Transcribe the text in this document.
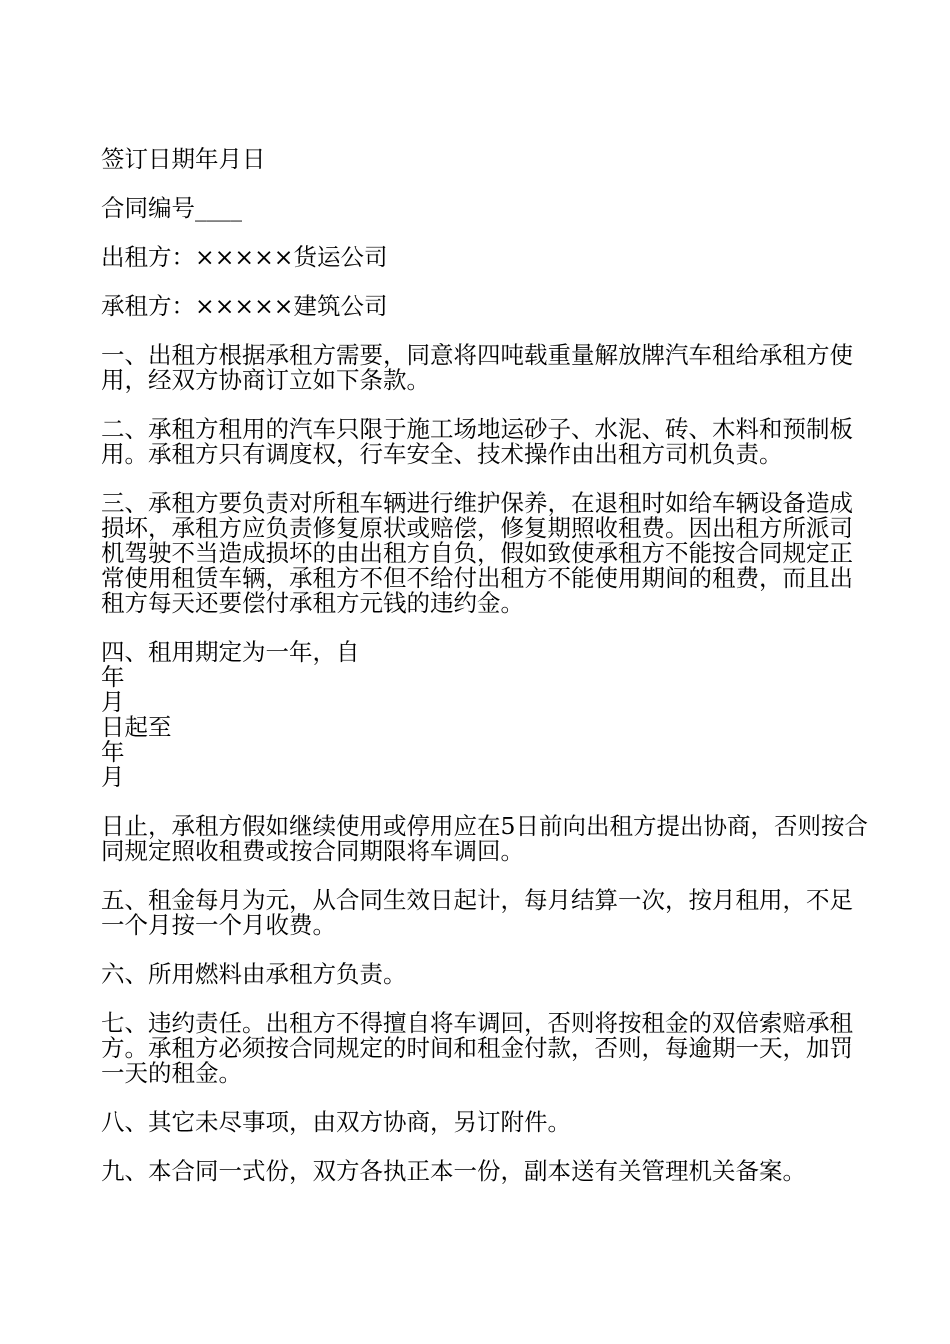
签订日期年月日

合同编号____

出租方：×××××货运公司

承租方：×××××建筑公司

一、出租方根据承租方需要，同意将四吨载重量解放牌汽车租给承租方使用，经双方协商订立如下条款。

二、承租方租用的汽车只限于施工场地运砂子、水泥、砖、木料和预制板用。承租方只有调度权，行车安全、技术操作由出租方司机负责。

三、承租方要负责对所租车辆进行维护保养，在退租时如给车辆设备造成损坏，承租方应负责修复原状或赔偿，修复期照收租费。因出租方所派司机驾驶不当造成损坏的由出租方自负，假如致使承租方不能按合同规定正常使用租赁车辆，承租方不但不给付出租方不能使用期间的租费，而且出租方每天还要偿付承租方元钱的违约金。

四、租用期定为一年，自
年
月
日起至
年
月

日止，承租方假如继续使用或停用应在5日前向出租方提出协商，否则按合同规定照收租费或按合同期限将车调回。

五、租金每月为元，从合同生效日起计，每月结算一次，按月租用，不足一个月按一个月收费。

六、所用燃料由承租方负责。

七、违约责任。出租方不得擅自将车调回，否则将按租金的双倍索赔承租方。承租方必须按合同规定的时间和租金付款，否则，每逾期一天，加罚一天的租金。

八、其它未尽事项，由双方协商，另订附件。

九、本合同一式份，双方各执正本一份，副本送有关管理机关备案。
